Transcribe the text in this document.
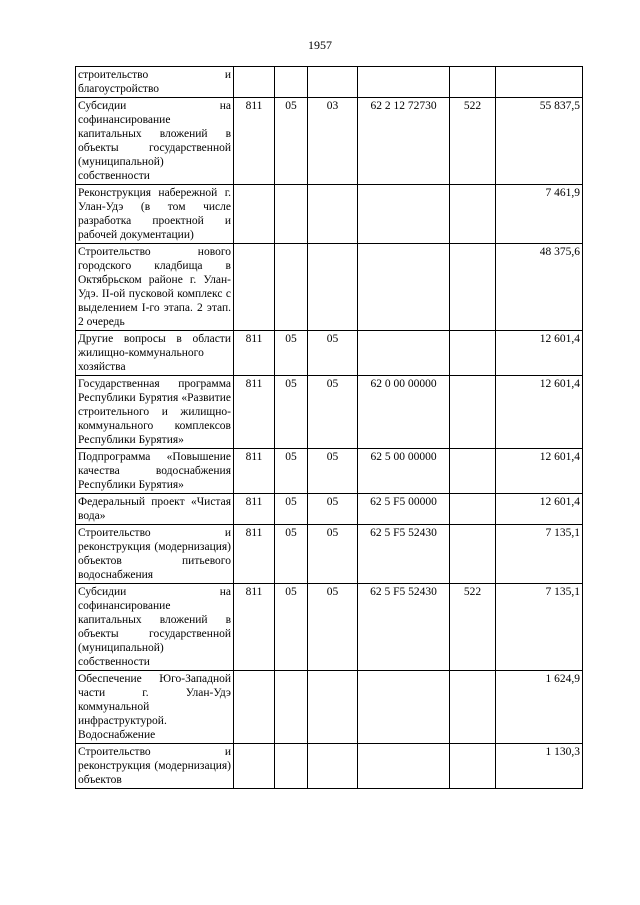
1957
строительство и благоустройство						
Субсидии на софинансирование капитальных вложений в объекты государственной (муниципальной) собственности	811	05	03	62 2 12 72730	522	55 837,5
Реконструкция набережной г. Улан-Удэ (в том числе разработка проектной и рабочей документации)						7 461,9
Строительство нового городского кладбища в Октябрьском районе г. Улан-Удэ. II-ой пусковой комплекс с выделением I-го этапа. 2 этап. 2 очередь						48 375,6
Другие вопросы в области жилищно-коммунального хозяйства	811	05	05			12 601,4
Государственная программа Республики Бурятия «Развитие строительного и жилищно-коммунального комплексов Республики Бурятия»	811	05	05	62 0 00 00000		12 601,4
Подпрограмма «Повышение качества водоснабжения Республики Бурятия»	811	05	05	62 5 00 00000		12 601,4
Федеральный проект «Чистая вода»	811	05	05	62 5 F5 00000		12 601,4
Строительство и реконструкция (модернизация) объектов питьевого водоснабжения	811	05	05	62 5 F5 52430		7 135,1
Субсидии на софинансирование капитальных вложений в объекты государственной (муниципальной) собственности	811	05	05	62 5 F5 52430	522	7 135,1
Обеспечение Юго-Западной части г. Улан-Удэ коммунальной инфраструктурой. Водоснабжение						1 624,9
Строительство и реконструкция (модернизация) объектов						1 130,3
